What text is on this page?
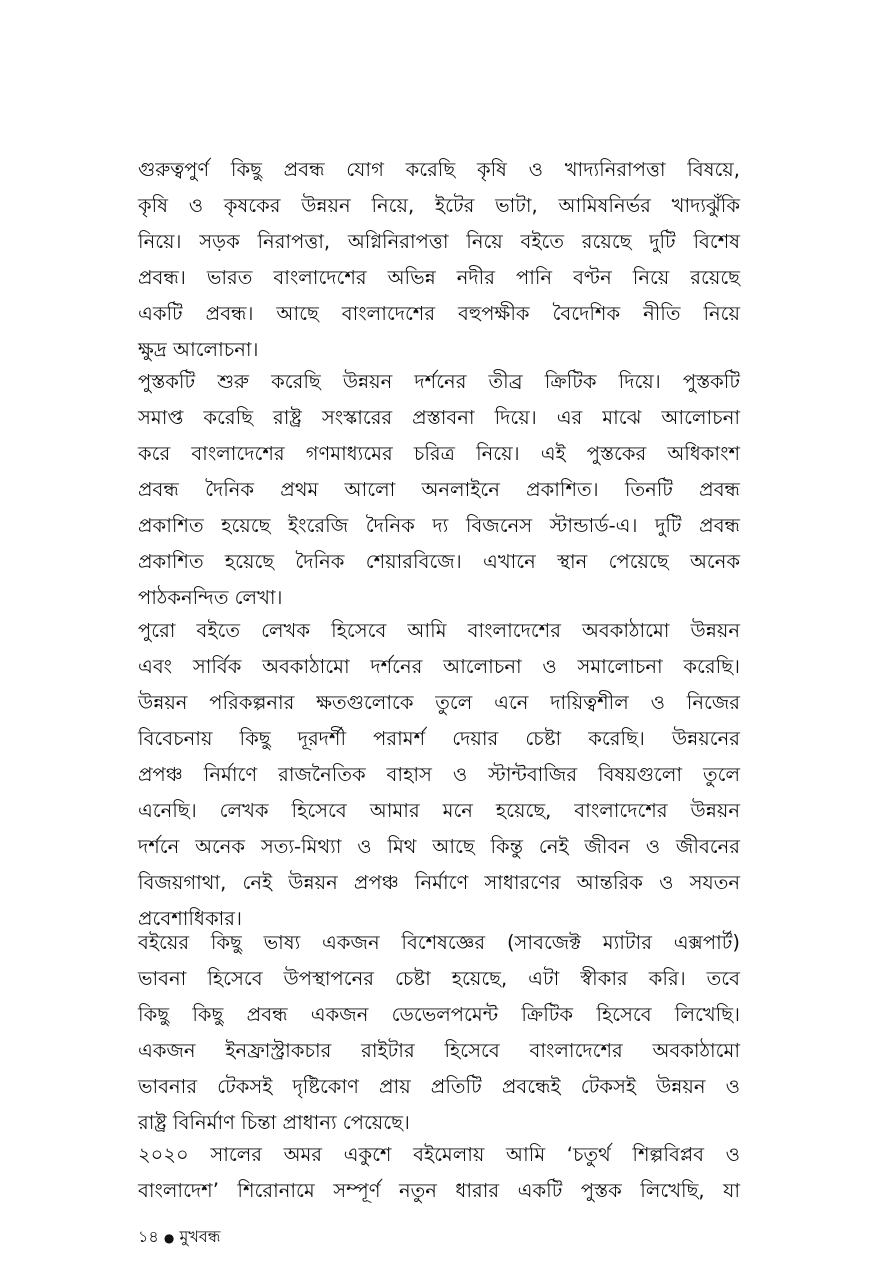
গুরুত্বপুর্ণ কিছু প্রবন্ধ যোগ করেছি কৃষি ও খাদ্যনিরাপত্তা বিষয়ে,
কৃষি ও কৃষকের উন্নয়ন নিয়ে, ইটের ভাটা, আমিষনির্ভর খাদ্যঝুঁকি
নিয়ে। সড়ক নিরাপত্তা, অগ্নিনিরাপত্তা নিয়ে বইতে রয়েছে দুটি বিশেষ
প্রবন্ধ। ভারত বাংলাদেশের অভিন্ন নদীর পানি বণ্টন নিয়ে রয়েছে
একটি প্রবন্ধ। আছে বাংলাদেশের বহুপক্ষীক বৈদেশিক নীতি নিয়ে
ক্ষুদ্র আলোচনা।
পুস্তকটি শুরু করেছি উন্নয়ন দর্শনের তীব্র ক্রিটিক দিয়ে। পুস্তকটি
সমাপ্ত করেছি রাষ্ট্র সংস্কারের প্রস্তাবনা দিয়ে। এর মাঝে আলোচনা
করে বাংলাদেশের গণমাধ্যমের চরিত্র নিয়ে। এই পুস্তকের অধিকাংশ
প্রবন্ধ দৈনিক প্রথম আলো অনলাইনে প্রকাশিত। তিনটি প্রবন্ধ
প্রকাশিত হয়েছে ইংরেজি দৈনিক দ্য বিজনেস স্টান্ডার্ড-এ। দুটি প্রবন্ধ
প্রকাশিত হয়েছে দৈনিক শেয়ারবিজে। এখানে স্থান পেয়েছে অনেক
পাঠকনন্দিত লেখা।
পুরো বইতে লেখক হিসেবে আমি বাংলাদেশের অবকাঠামো উন্নয়ন
এবং সার্বিক অবকাঠামো দর্শনের আলোচনা ও সমালোচনা করেছি।
উন্নয়ন পরিকল্পনার ক্ষতগুলোকে তুলে এনে দায়িত্বশীল ও নিজের
বিবেচনায় কিছু দূরদর্শী পরামর্শ দেয়ার চেষ্টা করেছি। উন্নয়নের
প্রপঞ্চ নির্মাণে রাজনৈতিক বাহাস ও স্টান্টবাজির বিষয়গুলো তুলে
এনেছি। লেখক হিসেবে আমার মনে হয়েছে, বাংলাদেশের উন্নয়ন
দর্শনে অনেক সত্য-মিথ্যা ও মিথ আছে কিন্তু নেই জীবন ও জীবনের
বিজয়গাথা, নেই উন্নয়ন প্রপঞ্চ নির্মাণে সাধারণের আন্তরিক ও সযতন
প্রবেশাধিকার।
বইয়ের কিছু ভাষ্য একজন বিশেষজ্ঞের (সাবজেক্ট ম্যাটার এক্সপার্ট)
ভাবনা হিসেবে উপস্থাপনের চেষ্টা হয়েছে, এটা স্বীকার করি। তবে
কিছু কিছু প্রবন্ধ একজন ডেভেলপমেন্ট ক্রিটিক হিসেবে লিখেছি।
একজন ইনফ্রাস্ট্রাকচার রাইটার হিসেবে বাংলাদেশের অবকাঠামো
ভাবনার টেকসই দৃষ্টিকোণ প্রায় প্রতিটি প্রবন্ধেই টেকসই উন্নয়ন ও
রাষ্ট্র বিনির্মাণ চিন্তা প্রাধান্য পেয়েছে।
২০২০ সালের অমর একুশে বইমেলায় আমি ‘চতুর্থ শিল্পবিপ্লব ও
বাংলাদেশ’ শিরোনামে সম্পূর্ণ নতুন ধারার একটি পুস্তক লিখেছি, যা
১৪ ● মুখবন্ধ
